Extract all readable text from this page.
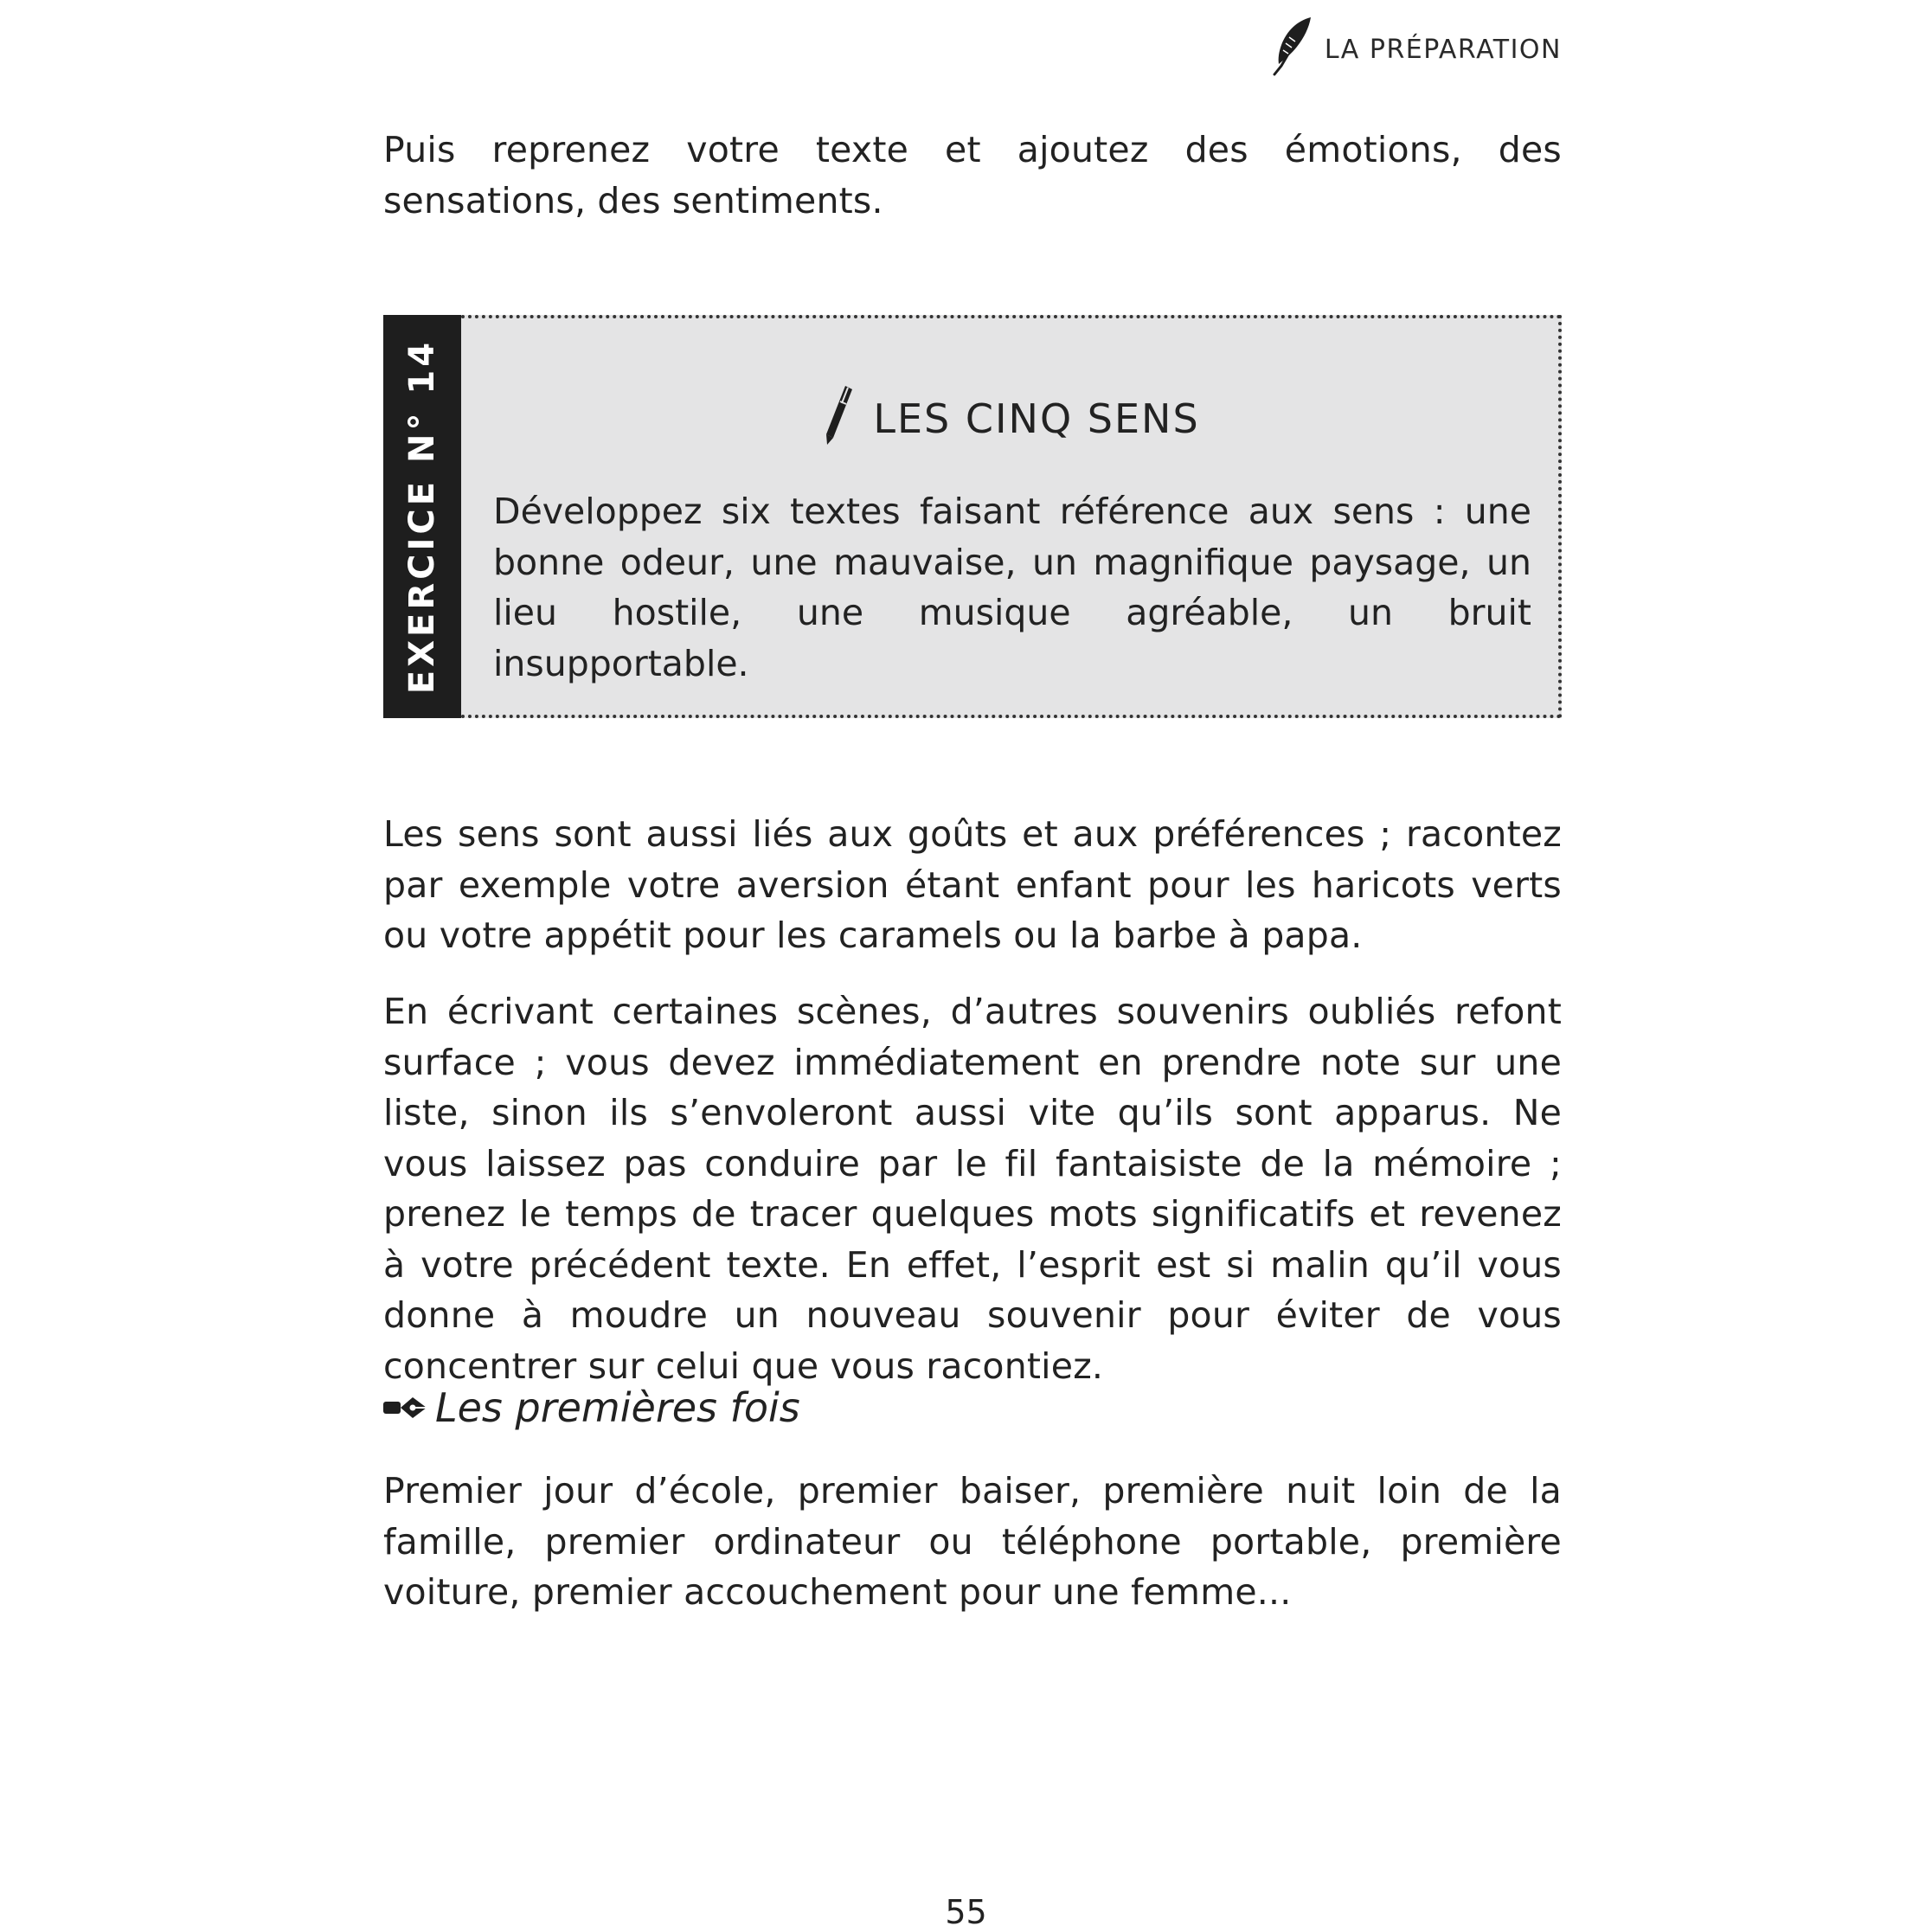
LA PRÉPARATION

Puis reprenez votre texte et ajoutez des émotions, des sensations, des sentiments.

EXERCICE N° 14	LES CINQ SENS

Développez six textes faisant référence aux sens : une bonne odeur, une mauvaise, un magnifique paysage, un lieu hostile, une musique agréable, un bruit insupportable.

Les sens sont aussi liés aux goûts et aux préférences ; racontez par exemple votre aversion étant enfant pour les haricots verts ou votre appétit pour les caramels ou la barbe à papa.

En écrivant certaines scènes, d’autres souvenirs oubliés refont surface ; vous devez immédiatement en prendre note sur une liste, sinon ils s’envoleront aussi vite qu’ils sont apparus. Ne vous laissez pas conduire par le fil fantaisiste de la mémoire ; prenez le temps de tracer quelques mots significatifs et revenez à votre précédent texte. En effet, l’esprit est si malin qu’il vous donne à moudre un nouveau souvenir pour éviter de vous concentrer sur celui que vous racontiez.

Les premières fois

Premier jour d’école, premier baiser, première nuit loin de la famille, premier ordinateur ou téléphone portable, première voiture, premier accouchement pour une femme...

55
